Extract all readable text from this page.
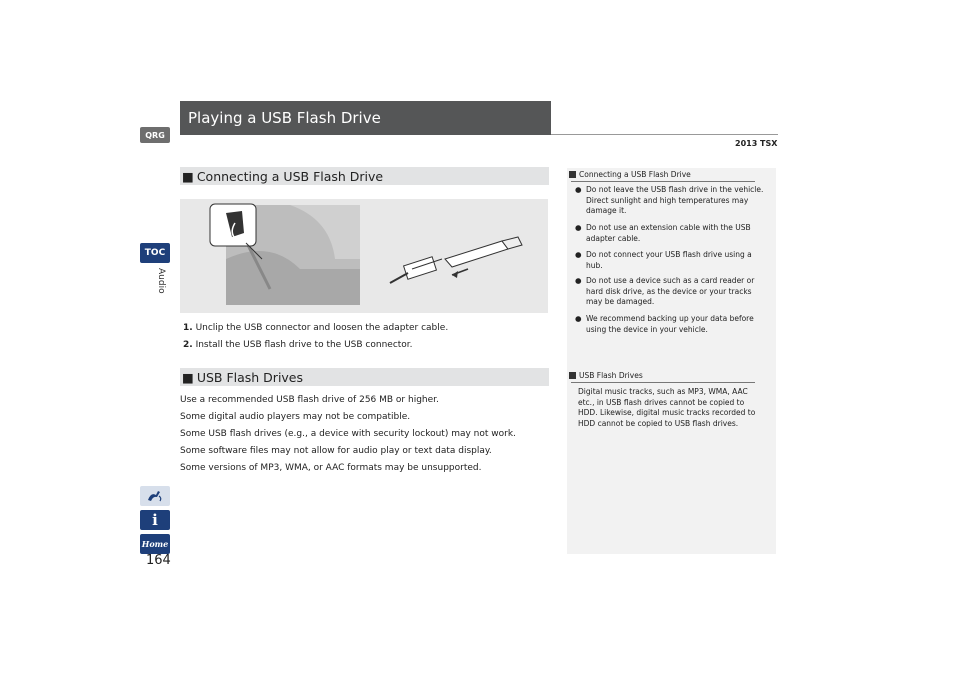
QRG
TOC
Audio
i
Home
164
Playing a USB Flash Drive
2013 TSX
■ Connecting a USB Flash Drive
1. Unclip the USB connector and loosen the adapter cable.
2. Install the USB flash drive to the USB connector.
■ USB Flash Drives
Use a recommended USB flash drive of 256 MB or higher.
Some digital audio players may not be compatible.
Some USB flash drives (e.g., a device with security lockout) may not work.
Some software files may not allow for audio play or text data display.
Some versions of MP3, WMA, or AAC formats may be unsupported.
Connecting a USB Flash Drive
● Do not leave the USB flash drive in the vehicle.
Direct sunlight and high temperatures may
damage it.
● Do not use an extension cable with the USB
adapter cable.
● Do not connect your USB flash drive using a
hub.
● Do not use a device such as a card reader or
hard disk drive, as the device or your tracks
may be damaged.
● We recommend backing up your data before
using the device in your vehicle.
USB Flash Drives
Digital music tracks, such as MP3, WMA, AAC
etc., in USB flash drives cannot be copied to
HDD. Likewise, digital music tracks recorded to
HDD cannot be copied to USB flash drives.
